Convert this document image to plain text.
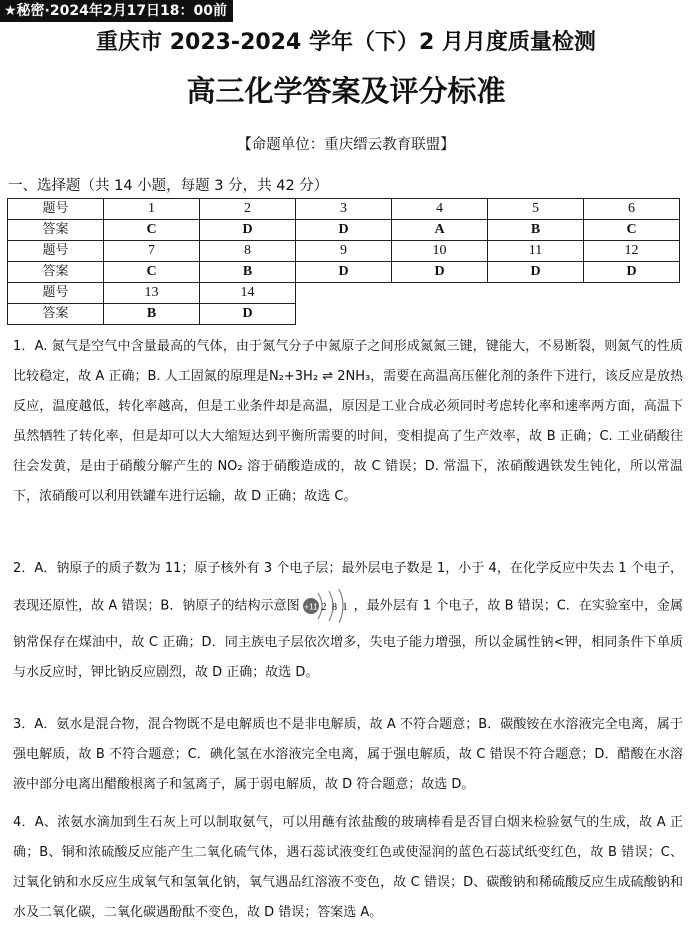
★秘密·2024年2月17日18：00前
重庆市 2023-2024 学年（下）2 月月度质量检测
高三化学答案及评分标准
【命题单位：重庆缙云教育联盟】
一、选择题（共 14 小题，每题 3 分，共 42 分）
题号	1	2	3	4	5	6
答案	C	D	D	A	B	C
题号	7	8	9	10	11	12
答案	C	B	D	D	D	D
题号	13	14				
答案	B	D				

1．A. 氮气是空气中含量最高的气体，由于氮气分子中氮原子之间形成氮氮三键，键能大，不易断裂，则氮气的性质比较稳定，故 A 正确；B. 人工固氮的原理是N₂+3H₂ ⇌ 2NH₃，需要在高温高压催化剂的条件下进行，该反应是放热反应，温度越低，转化率越高，但是工业条件却是高温，原因是工业合成必须同时考虑转化率和速率两方面，高温下虽然牺牲了转化率，但是却可以大大缩短达到平衡所需要的时间，变相提高了生产效率，故 B 正确；C. 工业硝酸往往会发黄，是由于硝酸分解产生的 NO₂ 溶于硝酸造成的，故 C 错误；D. 常温下，浓硝酸遇铁发生钝化，所以常温下，浓硝酸可以利用铁罐车进行运输，故 D 正确；故选 C。

2．A．钠原子的质子数为 11；原子核外有 3 个电子层；最外层电子数是 1，小于 4，在化学反应中失去 1 个电子，表现还原性，故 A 错误；B．钠原子的结构示意图 +11 2 8 1 ，最外层有 1 个电子，故 B 错误；C．在实验室中，金属钠常保存在煤油中，故 C 正确；D．同主族电子层依次增多，失电子能力增强，所以金属性钠<钾，相同条件下单质与水反应时，钾比钠反应剧烈，故 D 正确；故选 D。

3．A．氨水是混合物，混合物既不是电解质也不是非电解质，故 A 不符合题意；B．碳酸铵在水溶液完全电离，属于强电解质，故 B 不符合题意；C．碘化氢在水溶液完全电离，属于强电解质，故 C 错误不符合题意；D．醋酸在水溶液中部分电离出醋酸根离子和氢离子，属于弱电解质，故 D 符合题意；故选 D。

4．A、浓氨水滴加到生石灰上可以制取氨气，可以用蘸有浓盐酸的玻璃棒看是否冒白烟来检验氨气的生成，故 A 正确；B、铜和浓硫酸反应能产生二氧化硫气体，遇石蕊试液变红色或使湿润的蓝色石蕊试纸变红色，故 B 错误；C、过氧化钠和水反应生成氧气和氢氧化钠，氧气遇品红溶液不变色，故 C 错误；D、碳酸钠和稀硫酸反应生成硫酸钠和水及二氧化碳，二氧化碳遇酚酞不变色，故 D 错误；答案选 A。
